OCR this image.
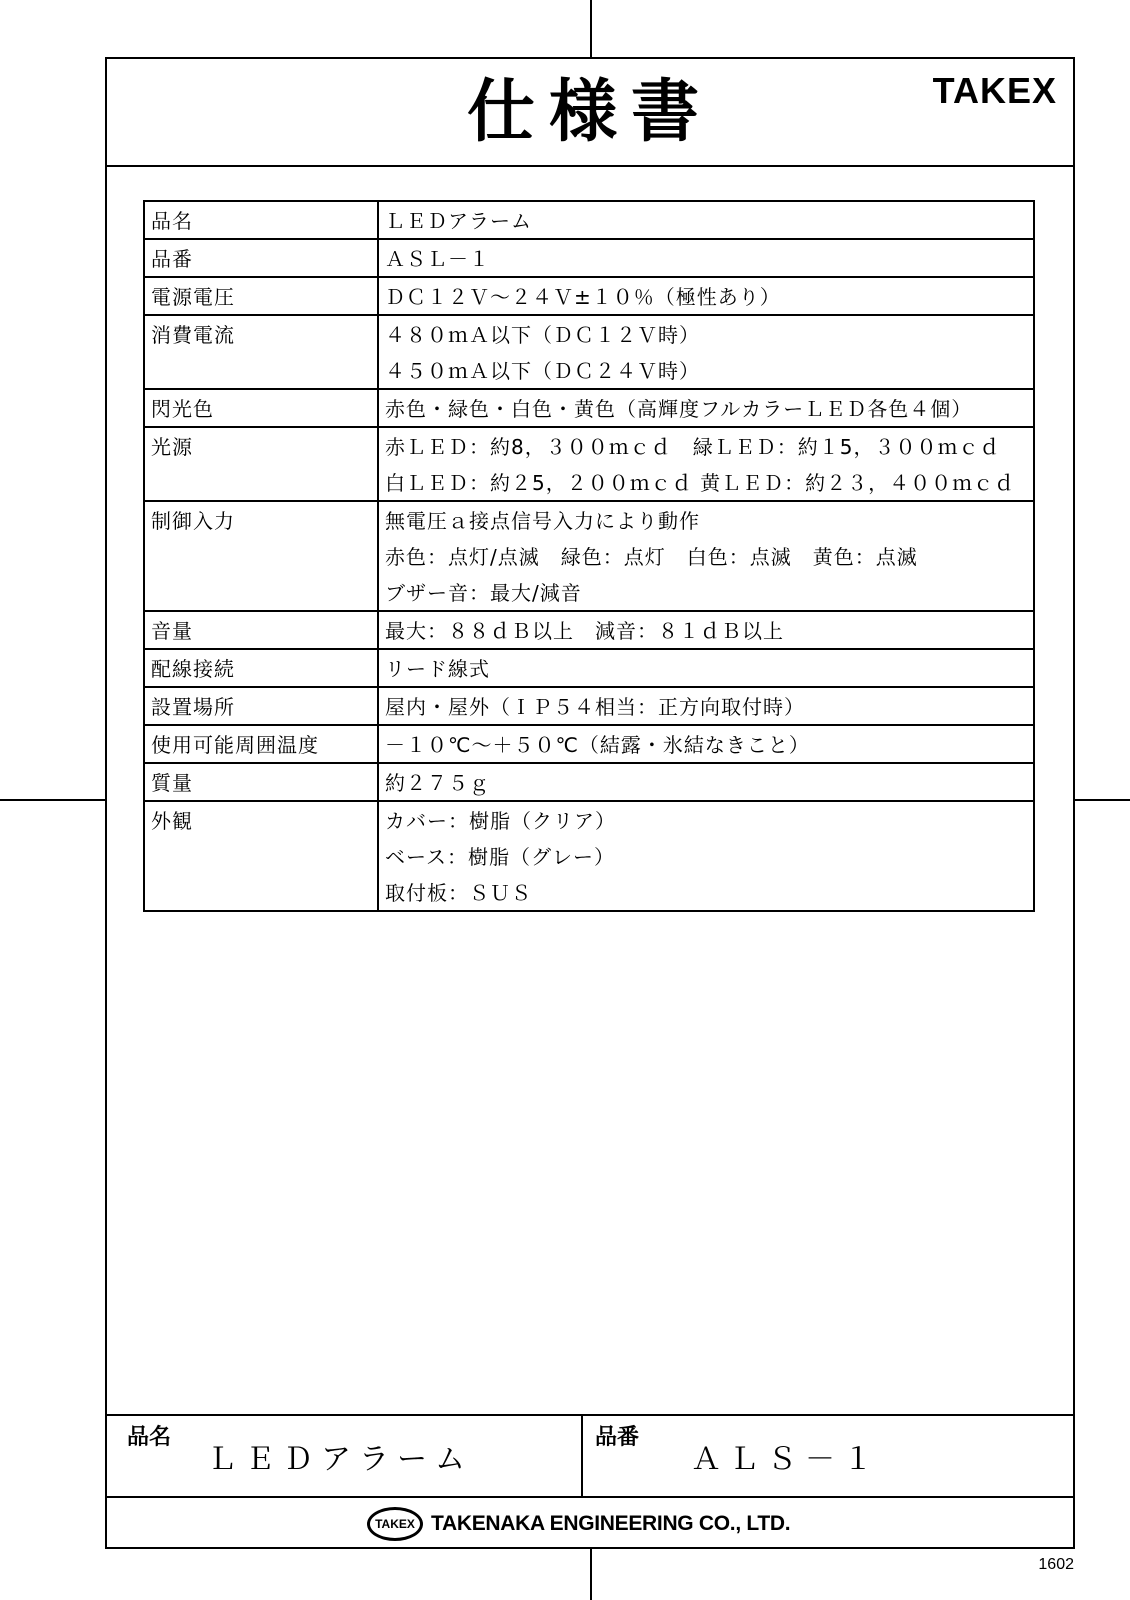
仕様書	TAKEX
品名	ＬＥＤアラーム

品番	ＡＳＬ－１

電源電圧	ＤＣ１２Ｖ～２４Ｖ±１０％（極性あり）

消費電流	４８０ｍＡ以下（ＤＣ１２Ｖ時）
４５０ｍＡ以下（ＤＣ２４Ｖ時）

閃光色	赤色・緑色・白色・黄色（高輝度フルカラーＬＥＤ各色４個）

光源	赤ＬＥＤ：約8，３００ｍｃｄ　緑ＬＥＤ：約１5，３００ｍｃｄ
白ＬＥＤ：約２5，２００ｍｃｄ 黄ＬＥＤ：約２３，４００ｍｃｄ

制御入力	無電圧ａ接点信号入力により動作
赤色：点灯/点滅　緑色：点灯　白色：点滅　黄色：点滅
ブザー音：最大/減音

音量	最大：８８ｄＢ以上　減音：８１ｄＢ以上

配線接続	リード線式

設置場所	屋内・屋外（ＩＰ５４相当：正方向取付時）

使用可能周囲温度	－１０℃～＋５０℃（結露・氷結なきこと）

質量	約２７５ｇ

外観	カバー：樹脂（クリア）
ベース：樹脂（グレー）
取付板：ＳＵＳ
品名
ＬＥＤアラーム
品番
ＡＬＳ－１
TAKEX TAKENAKA ENGINEERING CO., LTD.
1602
